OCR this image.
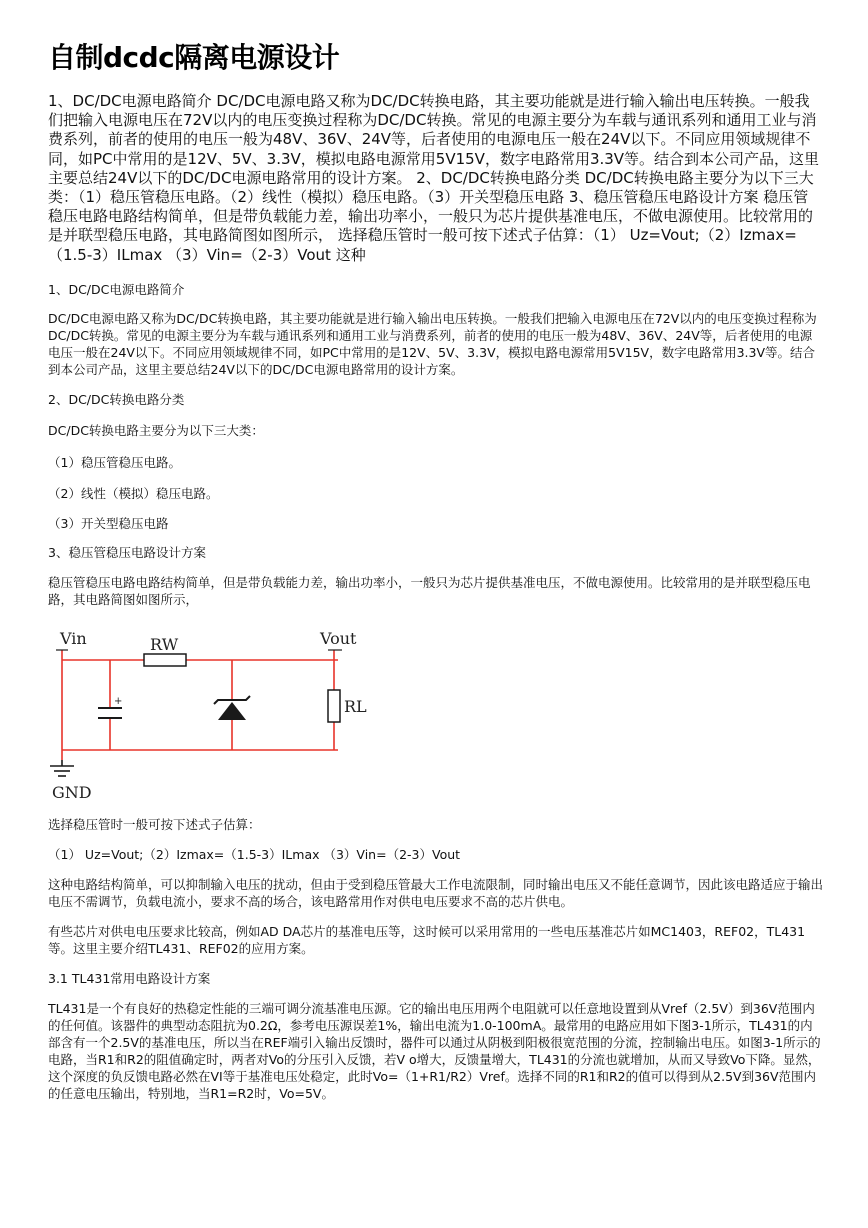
自制dcdc隔离电源设计

1、DC/DC电源电路简介 DC/DC电源电路又称为DC/DC转换电路，其主要功能就是进行输入输出电压转换。一般我们把输入电源电压在72V以内的电压变换过程称为DC/DC转换。常见的电源主要分为车载与通讯系列和通用工业与消费系列，前者的使用的电压一般为48V、36V、24V等，后者使用的电源电压一般在24V以下。不同应用领域规律不同，如PC中常用的是12V、5V、3.3V，模拟电路电源常用5V15V，数字电路常用3.3V等。结合到本公司产品，这里主要总结24V以下的DC/DC电源电路常用的设计方案。 2、DC/DC转换电路分类 DC/DC转换电路主要分为以下三大类：（1）稳压管稳压电路。（2）线性（模拟）稳压电路。（3）开关型稳压电路 3、稳压管稳压电路设计方案 稳压管稳压电路电路结构简单，但是带负载能力差，输出功率小，一般只为芯片提供基准电压，不做电源使用。比较常用的是并联型稳压电路，其电路简图如图所示， 选择稳压管时一般可按下述式子估算：（1） Uz=Vout;（2）Izmax=（1.5-3）ILmax （3）Vin=（2-3）Vout 这种

1、DC/DC电源电路简介

DC/DC电源电路又称为DC/DC转换电路，其主要功能就是进行输入输出电压转换。一般我们把输入电源电压在72V以内的电压变换过程称为DC/DC转换。常见的电源主要分为车载与通讯系列和通用工业与消费系列，前者的使用的电压一般为48V、36V、24V等，后者使用的电源电压一般在24V以下。不同应用领域规律不同，如PC中常用的是12V、5V、3.3V，模拟电路电源常用5V15V，数字电路常用3.3V等。结合到本公司产品，这里主要总结24V以下的DC/DC电源电路常用的设计方案。

2、DC/DC转换电路分类

DC/DC转换电路主要分为以下三大类：

（1）稳压管稳压电路。

（2）线性（模拟）稳压电路。

（3）开关型稳压电路

3、稳压管稳压电路设计方案

稳压管稳压电路电路结构简单，但是带负载能力差，输出功率小，一般只为芯片提供基准电压，不做电源使用。比较常用的是并联型稳压电路，其电路简图如图所示，

+
Vin	Vout
RW
RL
GND

选择稳压管时一般可按下述式子估算：

（1） Uz=Vout;（2）Izmax=（1.5-3）ILmax （3）Vin=（2-3）Vout

这种电路结构简单，可以抑制输入电压的扰动，但由于受到稳压管最大工作电流限制，同时输出电压又不能任意调节，因此该电路适应于输出电压不需调节，负载电流小，要求不高的场合，该电路常用作对供电电压要求不高的芯片供电。

有些芯片对供电电压要求比较高，例如AD DA芯片的基准电压等，这时候可以采用常用的一些电压基准芯片如MC1403，REF02，TL431等。这里主要介绍TL431、REF02的应用方案。

3.1 TL431常用电路设计方案

TL431是一个有良好的热稳定性能的三端可调分流基准电压源。它的输出电压用两个电阻就可以任意地设置到从Vref（2.5V）到36V范围内的任何值。该器件的典型动态阻抗为0.2Ω，参考电压源误差1%，输出电流为1.0-100mA。最常用的电路应用如下图3-1所示，TL431的内部含有一个2.5V的基准电压，所以当在REF端引入输出反馈时，器件可以通过从阴极到阳极很宽范围的分流，控制输出电压。如图3-1所示的电路，当R1和R2的阻值确定时，两者对Vo的分压引入反馈，若V o增大，反馈量增大，TL431的分流也就增加，从而又导致Vo下降。显然，这个深度的负反馈电路必然在VI等于基准电压处稳定，此时Vo=（1+R1/R2）Vref。选择不同的R1和R2的值可以得到从2.5V到36V范围内的任意电压输出，特别地，当R1=R2时，Vo=5V。
